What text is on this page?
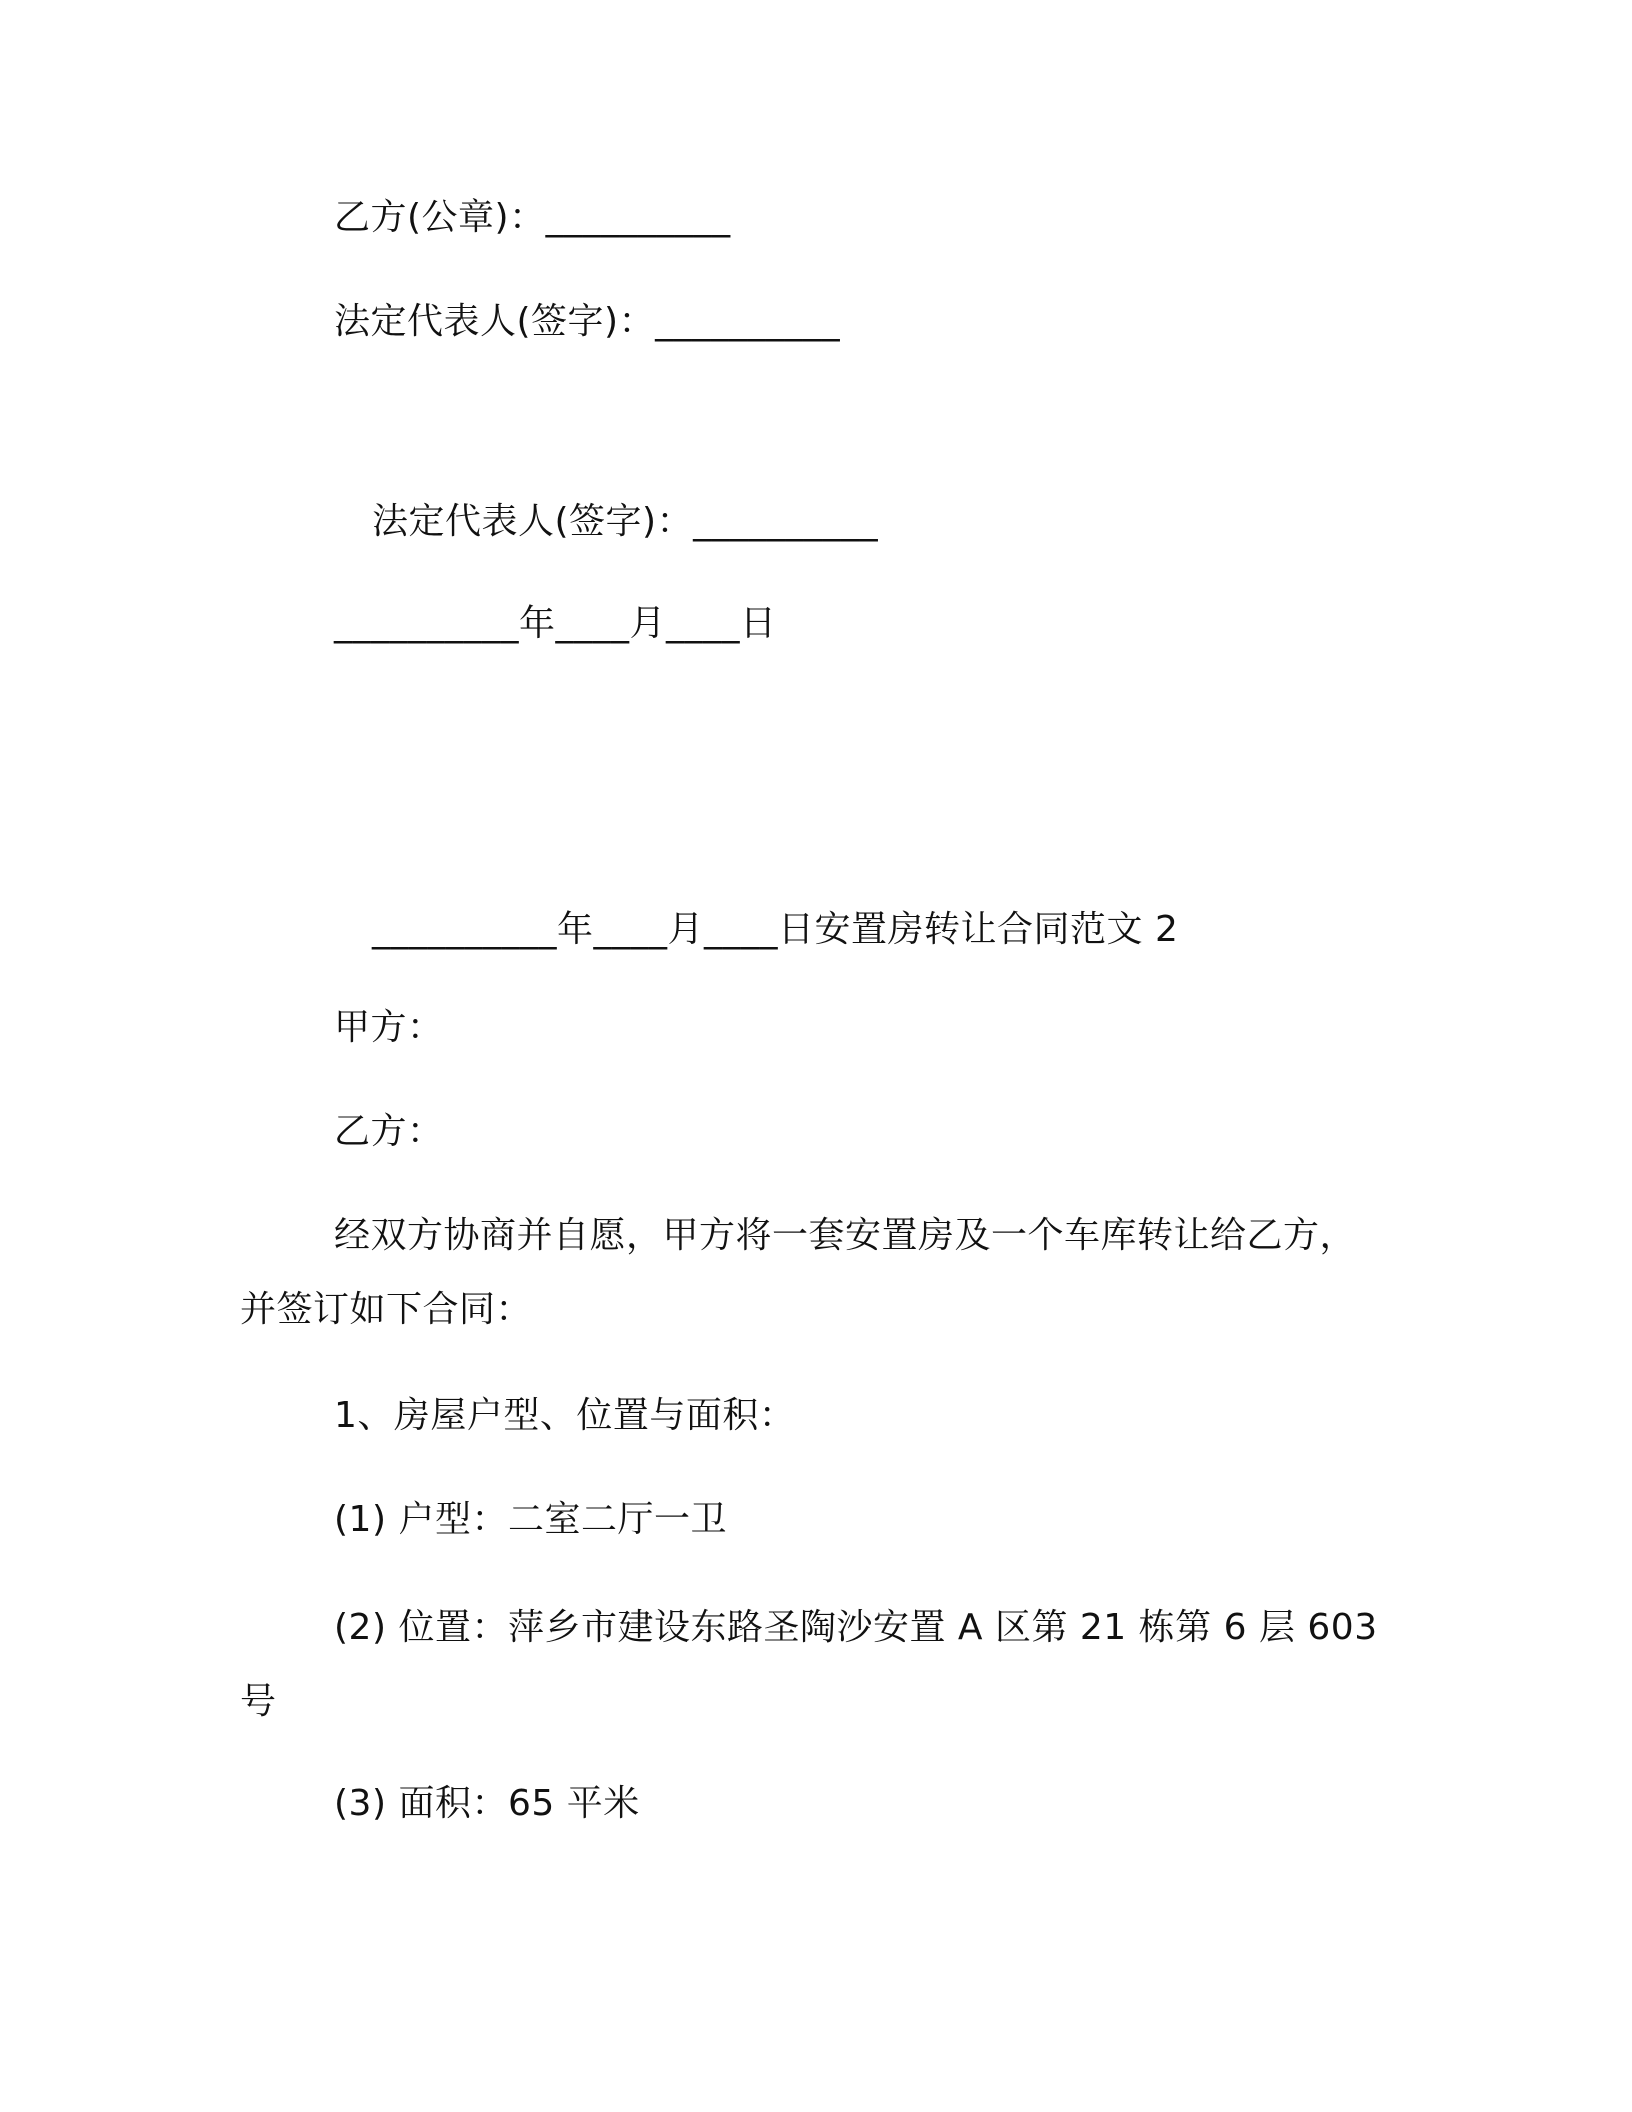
乙方(公章)：__________
法定代表人(签字)：__________
法定代表人(签字)：__________
__________年____月____日
__________年____月____日安置房转让合同范文 2
甲方：
乙方：
经双方协商并自愿，甲方将一套安置房及一个车库转让给乙方，
并签订如下合同：
1、房屋户型、位置与面积：
(1) 户型：二室二厅一卫
(2) 位置：萍乡市建设东路圣陶沙安置 A 区第 21 栋第 6 层 603
号
(3) 面积：65 平米
